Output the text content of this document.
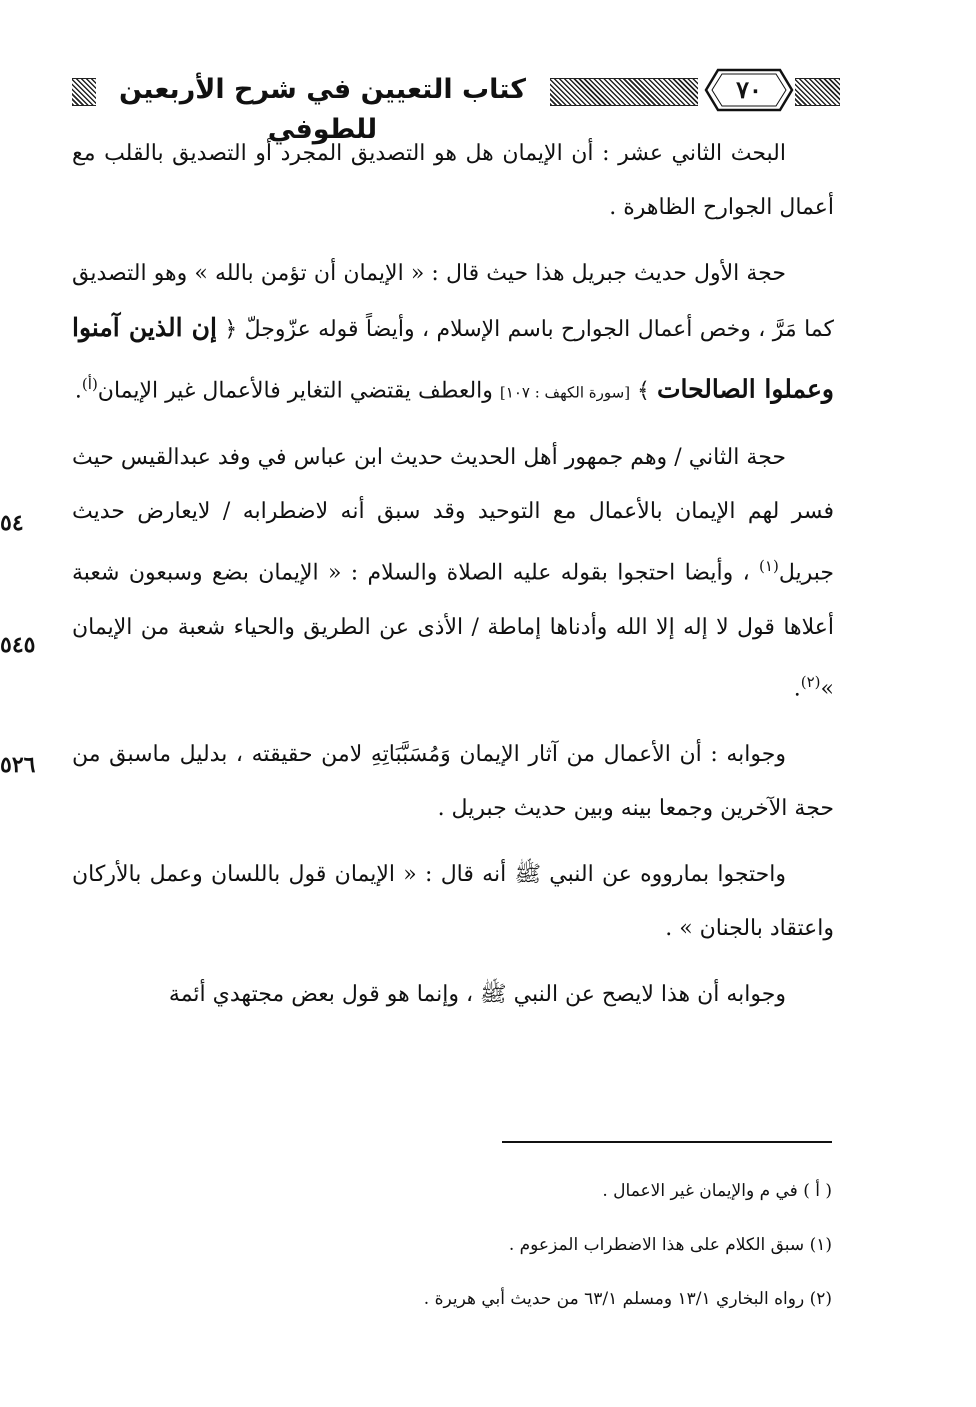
كتاب التعيين في شرح الأربعين للطوفي
٧٠
٥٤
٥٤٥
٥٢٦

البحث الثاني عشر : أن الإيمان هل هو التصديق المجرد أو التصديق بالقلب مع أعمال الجوارح الظاهرة .

حجة الأول حديث جبريل هذا حيث قال : « الإيمان أن تؤمن بالله » وهو التصديق كما مَرَّ ، وخص أعمال الجوارح باسم الإسلام ، وأيضاً قوله عزّوجلّ ﴿ إن الذين آمنوا وعملوا الصالحات ﴾ [سورة الكهف : ١٠٧] والعطف يقتضي التغاير فالأعمال غير الإيمان$^{(أ)}$.

حجة الثاني / وهم جمهور أهل الحديث حديث ابن عباس في وفد عبدالقيس حيث فسر لهم الإيمان بالأعمال مع التوحيد وقد سبق أنه لاضطرابه / لايعارض حديث جبريل$^{(١)}$ ، وأيضا احتجوا بقوله عليه الصلاة والسلام : « الإيمان بضع وسبعون شعبة أعلاها قول لا إله إلا الله وأدناها إماطة / الأذى عن الطريق والحياء شعبة من الإيمان »$^{(٢)}$.

وجوابه : أن الأعمال من آثار الإيمان وَمُسَبَّبَاتِهِ لامن حقيقته ، بدليل ماسبق من حجة الآخرين وجمعا بينه وبين حديث جبريل .

واحتجوا بمارووه عن النبي ﷺ أنه قال : « الإيمان قول باللسان وعمل بالأركان واعتقاد بالجنان » .

وجوابه أن هذا لايصح عن النبي ﷺ ، وإنما هو قول بعض مجتهدي أئمة

( أ ) في م والإيمان غير الاعمال .
(١) سبق الكلام على هذا الاضطراب المزعوم .
(٢) رواه البخاري ١٣/١ ومسلم ٦٣/١ من حديث أبي هريرة .
